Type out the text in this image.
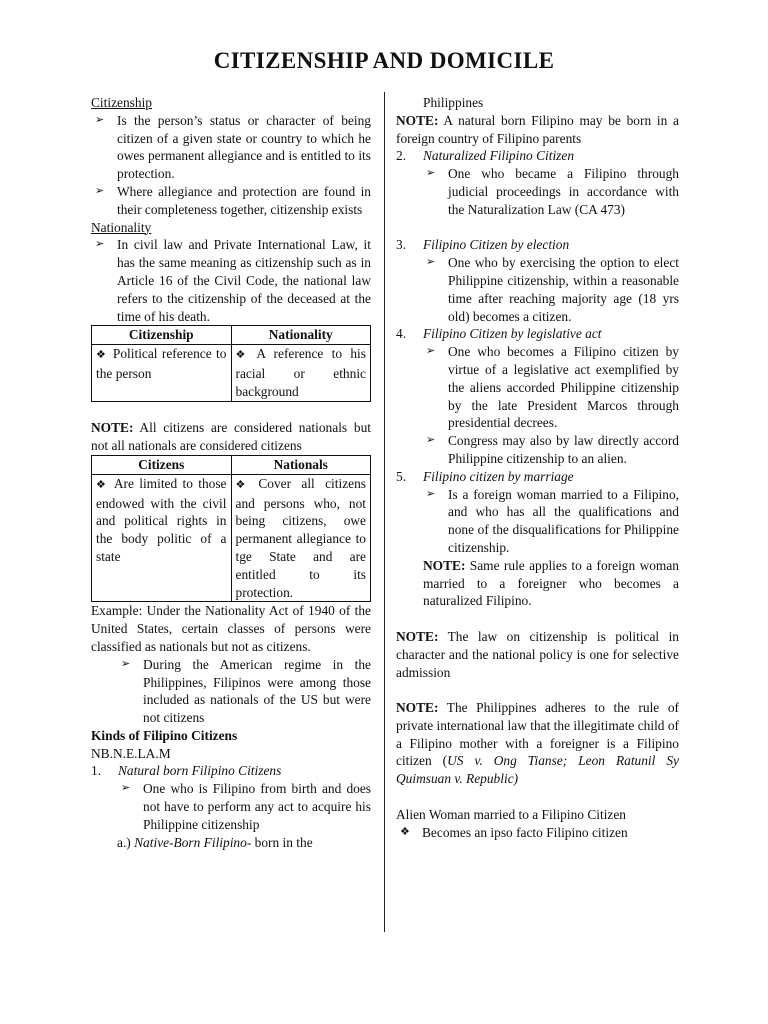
CITIZENSHIP AND DOMICILE
Citizenship
➢ Is the person’s status or character of being citizen of a given state or country to which he owes permanent allegiance and is entitled to its protection.
➢ Where allegiance and protection are found in their completeness together, citizenship exists
Nationality
➢ In civil law and Private International Law, it has the same meaning as citizenship such as in Article 16 of the Civil Code, the national law refers to the citizenship of the deceased at the time of his death.
Citizenship	Nationality
❖ Political reference to the person	❖ A reference to his racial or ethnic background
NOTE: All citizens are considered nationals but not all nationals are considered citizens
Citizens	Nationals
❖ Are limited to those endowed with the civil and political rights in the body politic of a state	❖ Cover all citizens and persons who, not being citizens, owe permanent allegiance to tge State and are entitled to its protection.
Example: Under the Nationality Act of 1940 of the United States, certain classes of persons were classified as nationals but not as citizens.
➢ During the American regime in the Philippines, Filipinos were among those included as nationals of the US but were not citizens
Kinds of Filipino Citizens
NB.N.E.LA.M
1. Natural born Filipino Citizens
➢ One who is Filipino from birth and does not have to perform any act to acquire his Philippine citizenship
a.) Native-Born Filipino- born in the
Philippines
NOTE: A natural born Filipino may be born in a foreign country of Filipino parents
2. Naturalized Filipino Citizen
➢ One who became a Filipino through judicial proceedings in accordance with the Naturalization Law (CA 473)
3. Filipino Citizen by election
➢ One who by exercising the option to elect Philippine citizenship, within a reasonable time after reaching majority age (18 yrs old) becomes a citizen.
4. Filipino Citizen by legislative act
➢ One who becomes a Filipino citizen by virtue of a legislative act exemplified by the aliens accorded Philippine citizenship by the late President Marcos through presidential decrees.
➢ Congress may also by law directly accord Philippine citizenship to an alien.
5. Filipino citizen by marriage
➢ Is a foreign woman married to a Filipino, and who has all the qualifications and none of the disqualifications for Philippine citizenship.
NOTE: Same rule applies to a foreign woman married to a foreigner who becomes a naturalized Filipino.
NOTE: The law on citizenship is political in character and the national policy is one for selective admission
NOTE: The Philippines adheres to the rule of private international law that the illegitimate child of a Filipino mother with a foreigner is a Filipino citizen (US v. Ong Tianse; Leon Ratunil Sy Quimsuan v. Republic)
Alien Woman married to a Filipino Citizen
❖ Becomes an ipso facto Filipino citizen
